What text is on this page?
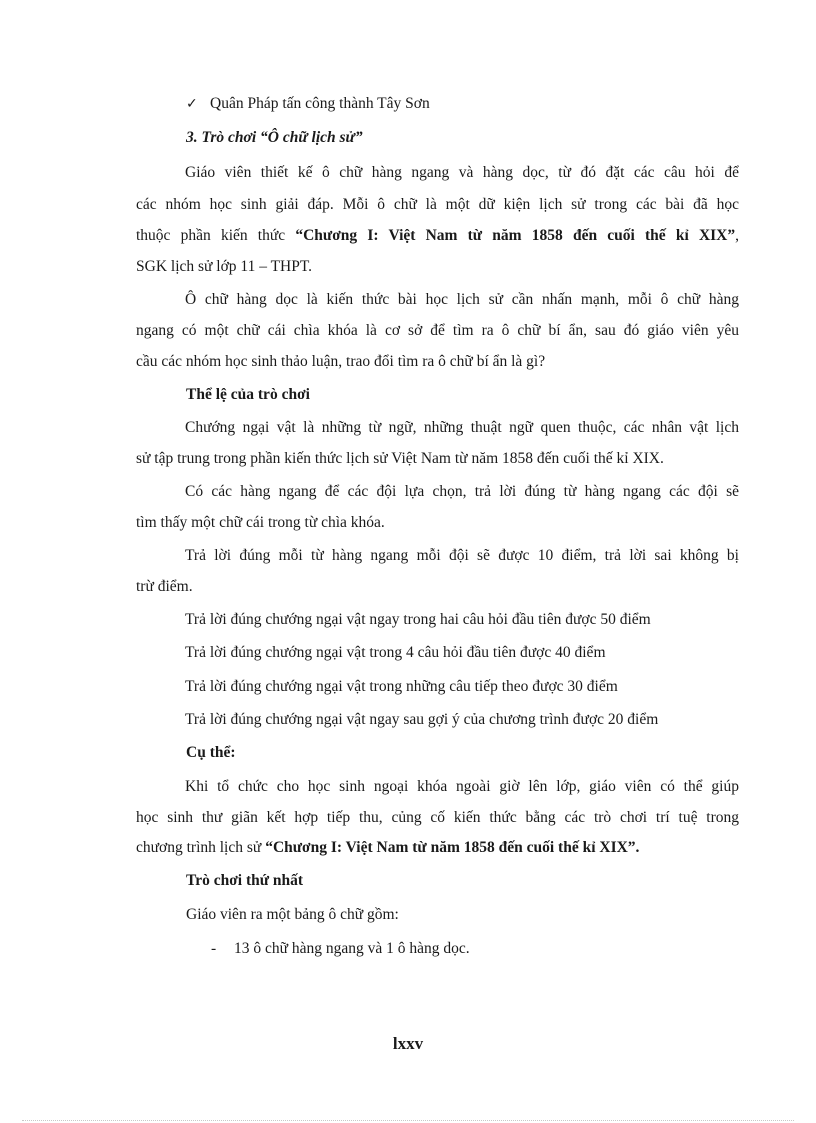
✓ Quân Pháp tấn công thành Tây Sơn
3. Trò chơi “Ô chữ lịch sử”
Giáo viên thiết kế ô chữ hàng ngang và hàng dọc, từ đó đặt các câu hỏi để
các nhóm học sinh giải đáp. Mỗi ô chữ là một dữ kiện lịch sử trong các bài đã học
thuộc phần kiến thức “Chương I: Việt Nam từ năm 1858 đến cuối thế kỉ XIX”,
SGK lịch sử lớp 11 – THPT.
Ô chữ hàng dọc là kiến thức bài học lịch sử cần nhấn mạnh, mỗi ô chữ hàng
ngang có một chữ cái chìa khóa là cơ sở để tìm ra ô chữ bí ẩn, sau đó giáo viên yêu
cầu các nhóm học sinh thảo luận, trao đổi tìm ra ô chữ bí ẩn là gì?
Thể lệ của trò chơi
Chướng ngại vật là những từ ngữ, những thuật ngữ quen thuộc, các nhân vật lịch
sử tập trung trong phần kiến thức lịch sử Việt Nam từ năm 1858 đến cuối thế kỉ XIX.
Có các hàng ngang để các đội lựa chọn, trả lời đúng từ hàng ngang các đội sẽ
tìm thấy một chữ cái trong từ chìa khóa.
Trả lời đúng mỗi từ hàng ngang mỗi đội sẽ được 10 điểm, trả lời sai không bị
trừ điểm.
Trả lời đúng chướng ngại vật ngay trong hai câu hỏi đầu tiên được 50 điểm
Trả lời đúng chướng ngại vật trong 4 câu hỏi đầu tiên được 40 điểm
Trả lời đúng chướng ngại vật trong những câu tiếp theo được 30 điểm
Trả lời đúng chướng ngại vật ngay sau gợi ý của chương trình được 20 điểm
Cụ thể:
Khi tổ chức cho học sinh ngoại khóa ngoài giờ lên lớp, giáo viên có thể giúp
học sinh thư giãn kết hợp tiếp thu, củng cố kiến thức bằng các trò chơi trí tuệ trong
chương trình lịch sử “Chương I: Việt Nam từ năm 1858 đến cuối thế kỉ XIX”.
Trò chơi thứ nhất
Giáo viên ra một bảng ô chữ gồm:
- 13 ô chữ hàng ngang và 1 ô hàng dọc.
lxxv
